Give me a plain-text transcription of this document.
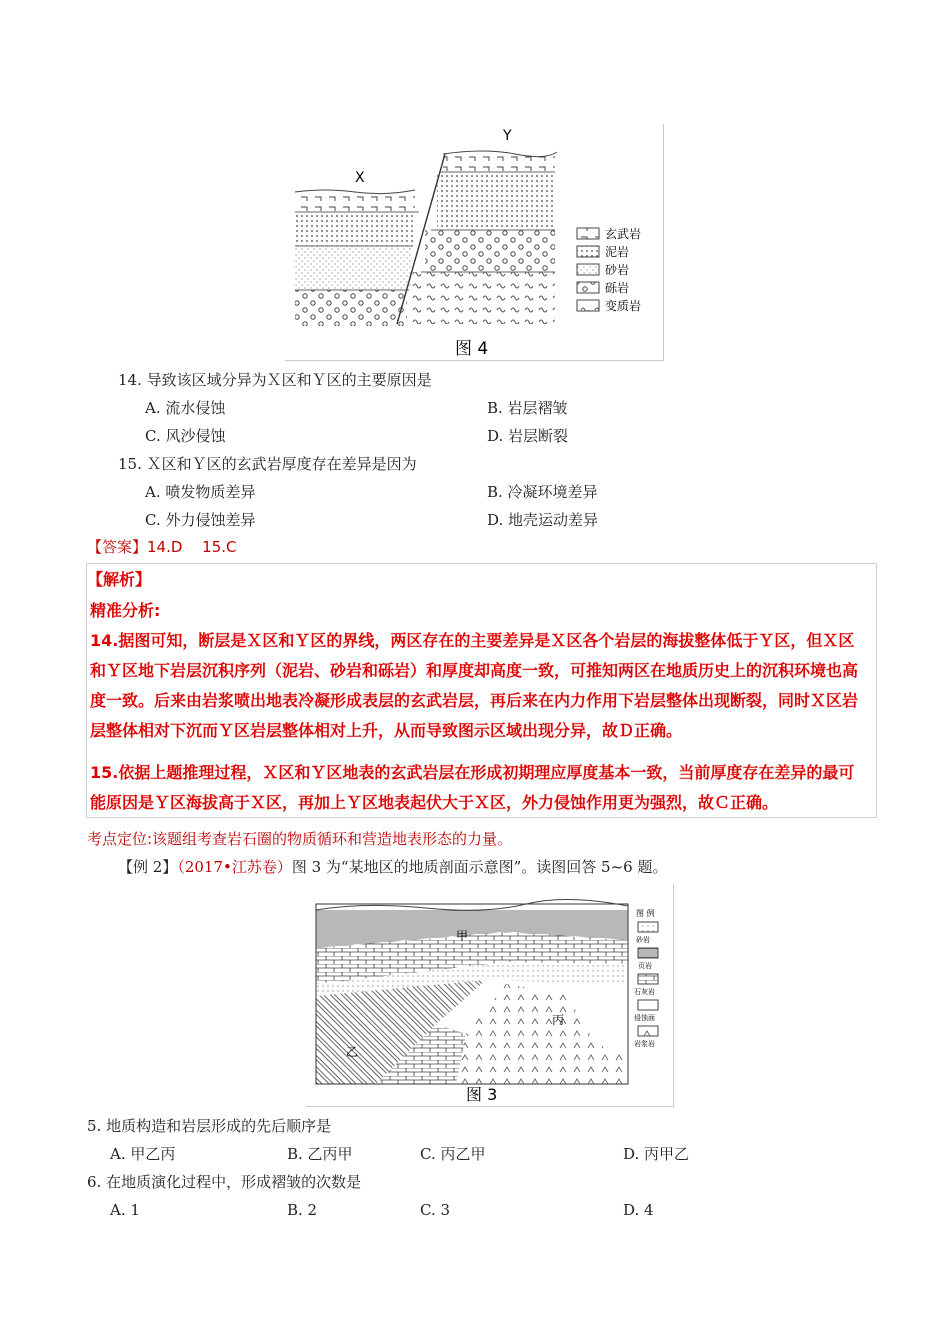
X
Y
玄武岩
泥岩
砂岩
砾岩
变质岩
图 4
14. 导致该区域分异为Ｘ区和Ｙ区的主要原因是
A. 流水侵蚀	B. 岩层褶皱
C. 风沙侵蚀	D. 岩层断裂
15. Ｘ区和Ｙ区的玄武岩厚度存在差异是因为
A. 喷发物质差异	B. 冷凝环境差异
C. 外力侵蚀差异	D. 地壳运动差异
【答案】14.D　 15.C
【解析】
精准分析:
14.据图可知，断层是Ｘ区和Ｙ区的界线，两区存在的主要差异是Ｘ区各个岩层的海拔整体低于Ｙ区，但Ｘ区和Ｙ区地下岩层沉积序列（泥岩、砂岩和砾岩）和厚度却高度一致，可推知两区在地质历史上的沉积环境也高度一致。后来由岩浆喷出地表冷凝形成表层的玄武岩层，再后来在内力作用下岩层整体出现断裂，同时Ｘ区岩层整体相对下沉而Ｙ区岩层整体相对上升，从而导致图示区域出现分异，故Ｄ正确。
15.依据上题推理过程，Ｘ区和Ｙ区地表的玄武岩层在形成初期理应厚度基本一致，当前厚度存在差异的最可能原因是Ｙ区海拔高于Ｘ区，再加上Ｙ区地表起伏大于Ｘ区，外力侵蚀作用更为强烈，故Ｃ正确。
考点定位:该题组考查岩石圈的物质循环和营造地表形态的力量。
【例 2】（2017•江苏卷）图 3 为“某地区的地质剖面示意图”。读图回答 5~6 题。
甲
乙
丙
图 例
砂岩
页岩
石灰岩
侵蚀面
岩浆岩
图 3
5. 地质构造和岩层形成的先后顺序是
A. 甲乙丙	B. 乙丙甲	C. 丙乙甲	D. 丙甲乙
6. 在地质演化过程中，形成褶皱的次数是
A. 1	B. 2	C. 3	D. 4
